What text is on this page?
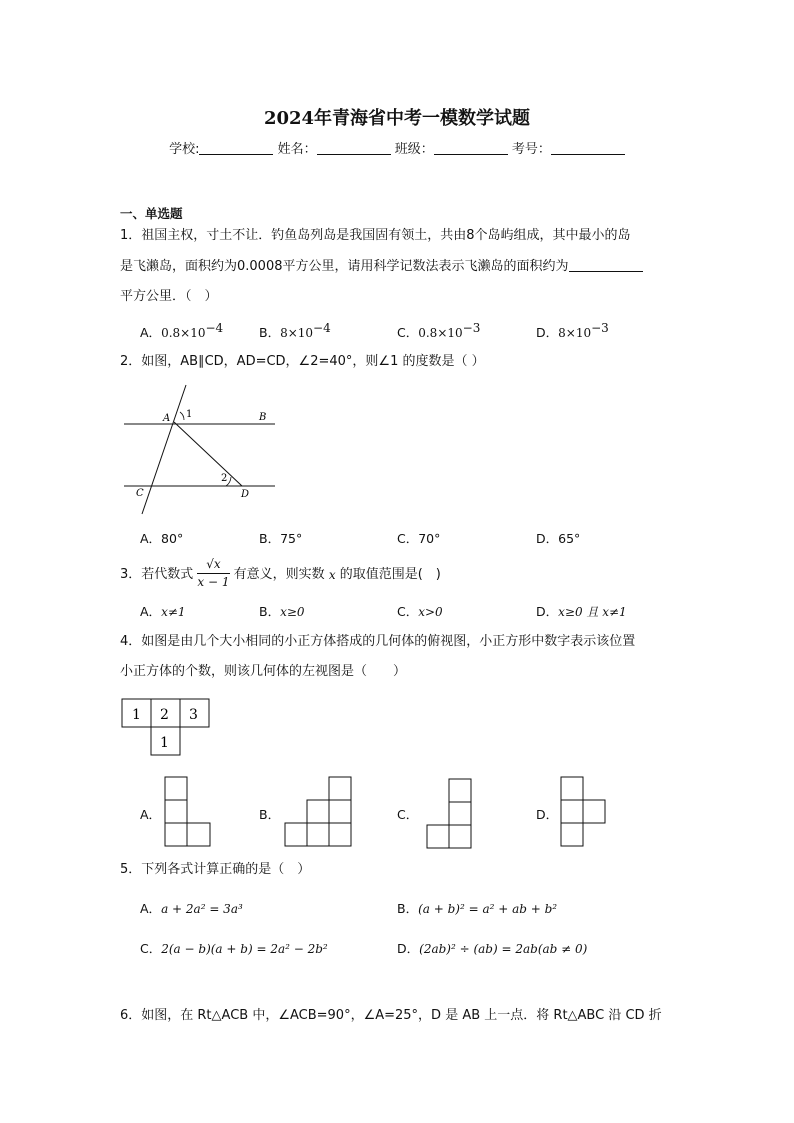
2024年青海省中考一模数学试题
学校:	姓名：	班级：	考号：
一、单选题
1．祖国主权，寸土不让．钓鱼岛列岛是我国固有领土，共由8个岛屿组成，其中最小的岛
是飞濑岛，面积约为0.0008平方公里，请用科学记数法表示飞濑岛的面积约为
平方公里．（　）
A．$0.8\times 10^{-4}$	B．$8\times 10^{-4}$	C．$0.8\times 10^{-3}$	D．$8\times 10^{-3}$
2．如图，AB∥CD，AD=CD，∠2=40°，则∠1 的度数是（ ）
A 1	B
2
C	D
A．80°	B．75°	C．70°	D．65°
3．若代数式 $\frac{√x}{x - 1}$ 有意义，则实数 x 的取值范围是(　)
A．x≠1	B．x≥0	C．x>0	D．x≥0 且 x≠1
4．如图是由几个大小相同的小正方体搭成的几何体的俯视图，小正方形中数字表示该位置
小正方体的个数，则该几何体的左视图是（　　）
1 2 3
1
A．	B．	C．	D．
5．下列各式计算正确的是（　）
A．a + 2a² = 3a³	B．(a + b)² = a² + ab + b²
C．2(a − b)(a + b) = 2a² − 2b²	D．(2ab)² ÷ (ab) = 2ab(ab ≠ 0)
6．如图，在 Rt△ACB 中，∠ACB=90°，∠A=25°，D 是 AB 上一点．将 Rt△ABC 沿 CD 折
